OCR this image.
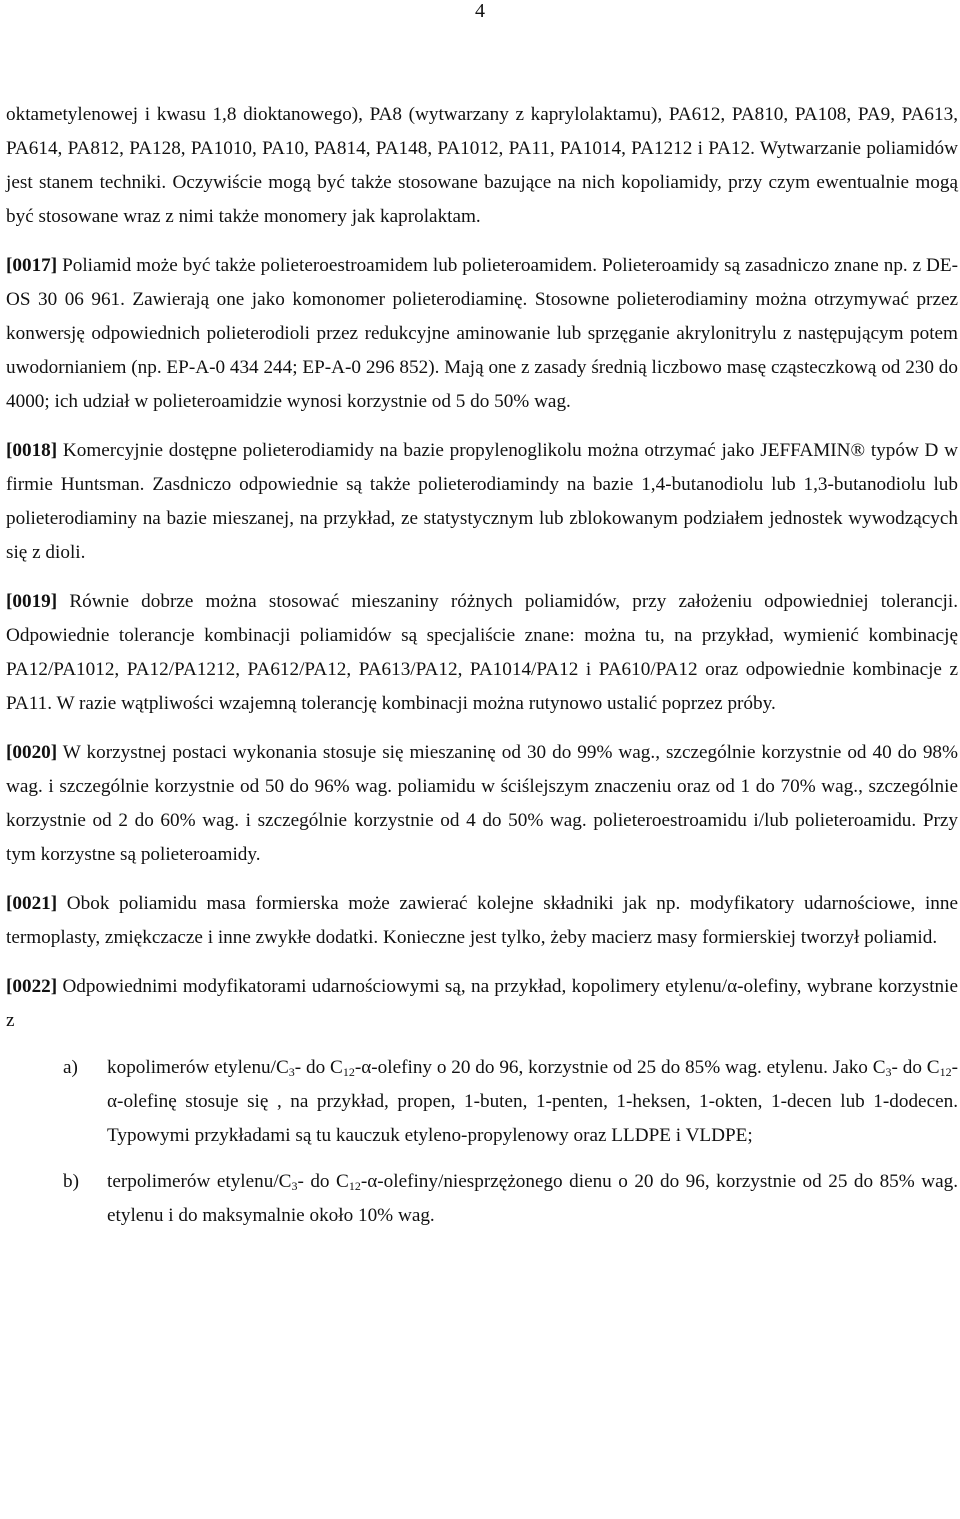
4

oktametylenowej i kwasu 1,8 dioktanowego), PA8 (wytwarzany z kaprylolaktamu), PA612, PA810, PA108, PA9, PA613, PA614, PA812, PA128, PA1010, PA10, PA814, PA148, PA1012, PA11, PA1014, PA1212 i PA12. Wytwarzanie poliamidów jest stanem techniki. Oczywiście mogą być także stosowane bazujące na nich kopoliamidy, przy czym ewentualnie mogą być stosowane wraz z nimi także monomery jak kaprolaktam.

[0017] Poliamid może być także polieteroestroamidem lub polieteroamidem. Polieteroamidy są zasadniczo znane np. z DE-OS 30 06 961. Zawierają one jako komonomer polieterodiaminę. Stosowne polieterodiaminy można otrzymywać przez konwersję odpowiednich polieterodioli przez redukcyjne aminowanie lub sprzęganie akrylonitrylu z następującym potem uwodornianiem (np. EP-A-0 434 244; EP-A-0 296 852). Mają one z zasady średnią liczbowo masę cząsteczkową od 230 do 4000; ich udział w polieteroamidzie wynosi korzystnie od 5 do 50% wag.

[0018] Komercyjnie dostępne polieterodiamidy na bazie propylenoglikolu można otrzymać jako JEFFAMIN® typów D w firmie Huntsman. Zasdniczo odpowiednie są także polieterodiamindy na bazie 1,4-butanodiolu lub 1,3-butanodiolu lub polieterodiaminy na bazie mieszanej, na przykład, ze statystycznym lub zblokowanym podziałem jednostek wywodzących się z dioli.

[0019] Równie dobrze można stosować mieszaniny różnych poliamidów, przy założeniu odpowiedniej tolerancji. Odpowiednie tolerancje kombinacji poliamidów są specjaliście znane: można tu, na przykład, wymienić kombinację PA12/PA1012, PA12/PA1212, PA612/PA12, PA613/PA12, PA1014/PA12 i PA610/PA12 oraz odpowiednie kombinacje z PA11. W razie wątpliwości wzajemną tolerancję kombinacji można rutynowo ustalić poprzez próby.

[0020] W korzystnej postaci wykonania stosuje się mieszaninę od 30 do 99% wag., szczególnie korzystnie od 40 do 98% wag. i szczególnie korzystnie od 50 do 96% wag. poliamidu w ściślejszym znaczeniu oraz od 1 do 70% wag., szczególnie korzystnie od 2 do 60% wag. i szczególnie korzystnie od 4 do 50% wag. polieteroestroamidu i/lub polieteroamidu. Przy tym korzystne są polieteroamidy.

[0021] Obok poliamidu masa formierska może zawierać kolejne składniki jak np. modyfikatory udarnościowe, inne termoplasty, zmiękczacze i inne zwykłe dodatki. Konieczne jest tylko, żeby macierz masy formierskiej tworzył poliamid.

[0022] Odpowiednimi modyfikatorami udarnościowymi są, na przykład, kopolimery etylenu/α-olefiny, wybrane korzystnie z

a)	kopolimerów etylenu/$C_3-$ do $C_{12}-\alpha$-olefiny o 20 do 96, korzystnie od 25 do 85% wag. etylenu. Jako $C_3-$ do $C_{12}-\alpha$-olefinę stosuje się , na przykład, propen, 1-buten, 1-penten, 1-heksen, 1-okten, 1-decen lub 1-dodecen. Typowymi przykładami są tu kauczuk etyleno-propylenowy oraz LLDPE i VLDPE;

b)	terpolimerów etylenu/$C_3-$ do $C_{12}-\alpha-olefiny$/niesprzężonego dienu o 20 do 96, korzystnie od 25 do 85% wag. etylenu i do maksymalnie około 10% wag.
